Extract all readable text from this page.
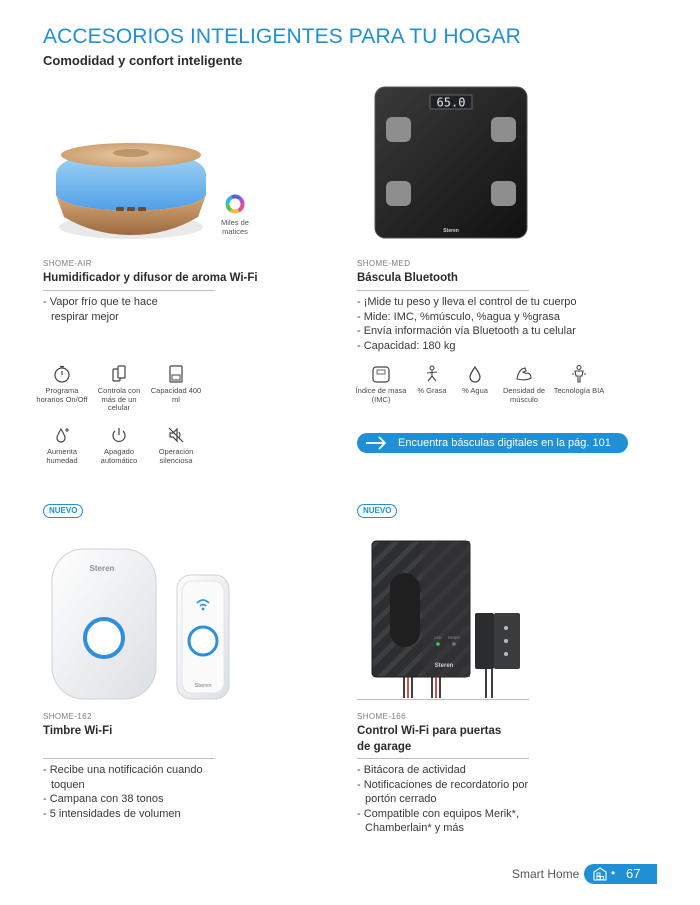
ACCESORIOS INTELIGENTES PARA TU HOGAR
Comodidad y confort inteligente
Miles de matices
SHOME-AIR
Humidificador y difusor de aroma Wi-Fi
- Vapor frío que te hace respirar mejor
Programa horarios On/Off
Controla con más de un celular
Capacidad 400 ml
Aumenta humedad
Apagado automático
Operación silenciosa
65.0
Steren
SHOME-MED
Báscula Bluetooth
- ¡Mide tu peso y lleva el control de tu cuerpo
- Mide: IMC, %músculo, %agua y %grasa
- Envía información vía Bluetooth a tu celular
- Capacidad: 180 kg
Índice de masa (IMC)
% Grasa	% Agua	Densidad de músculo
Tecnología BIA
Encuentra básculas digitales en la pág. 101
NUEVO
Steren
Steren
SHOME-162
Timbre Wi-Fi
- Recibe una notificación cuando toquen
- Campana con 38 tonos
- 5 intensidades de volumen
NUEVO
LED RESET
Steren
SHOME-166
Control Wi-Fi para puertas de garage
- Bitácora de actividad
- Notificaciones de recordatorio por portón cerrado
- Compatible con equipos Merik*, Chamberlain* y más
Smart Home	• 67
